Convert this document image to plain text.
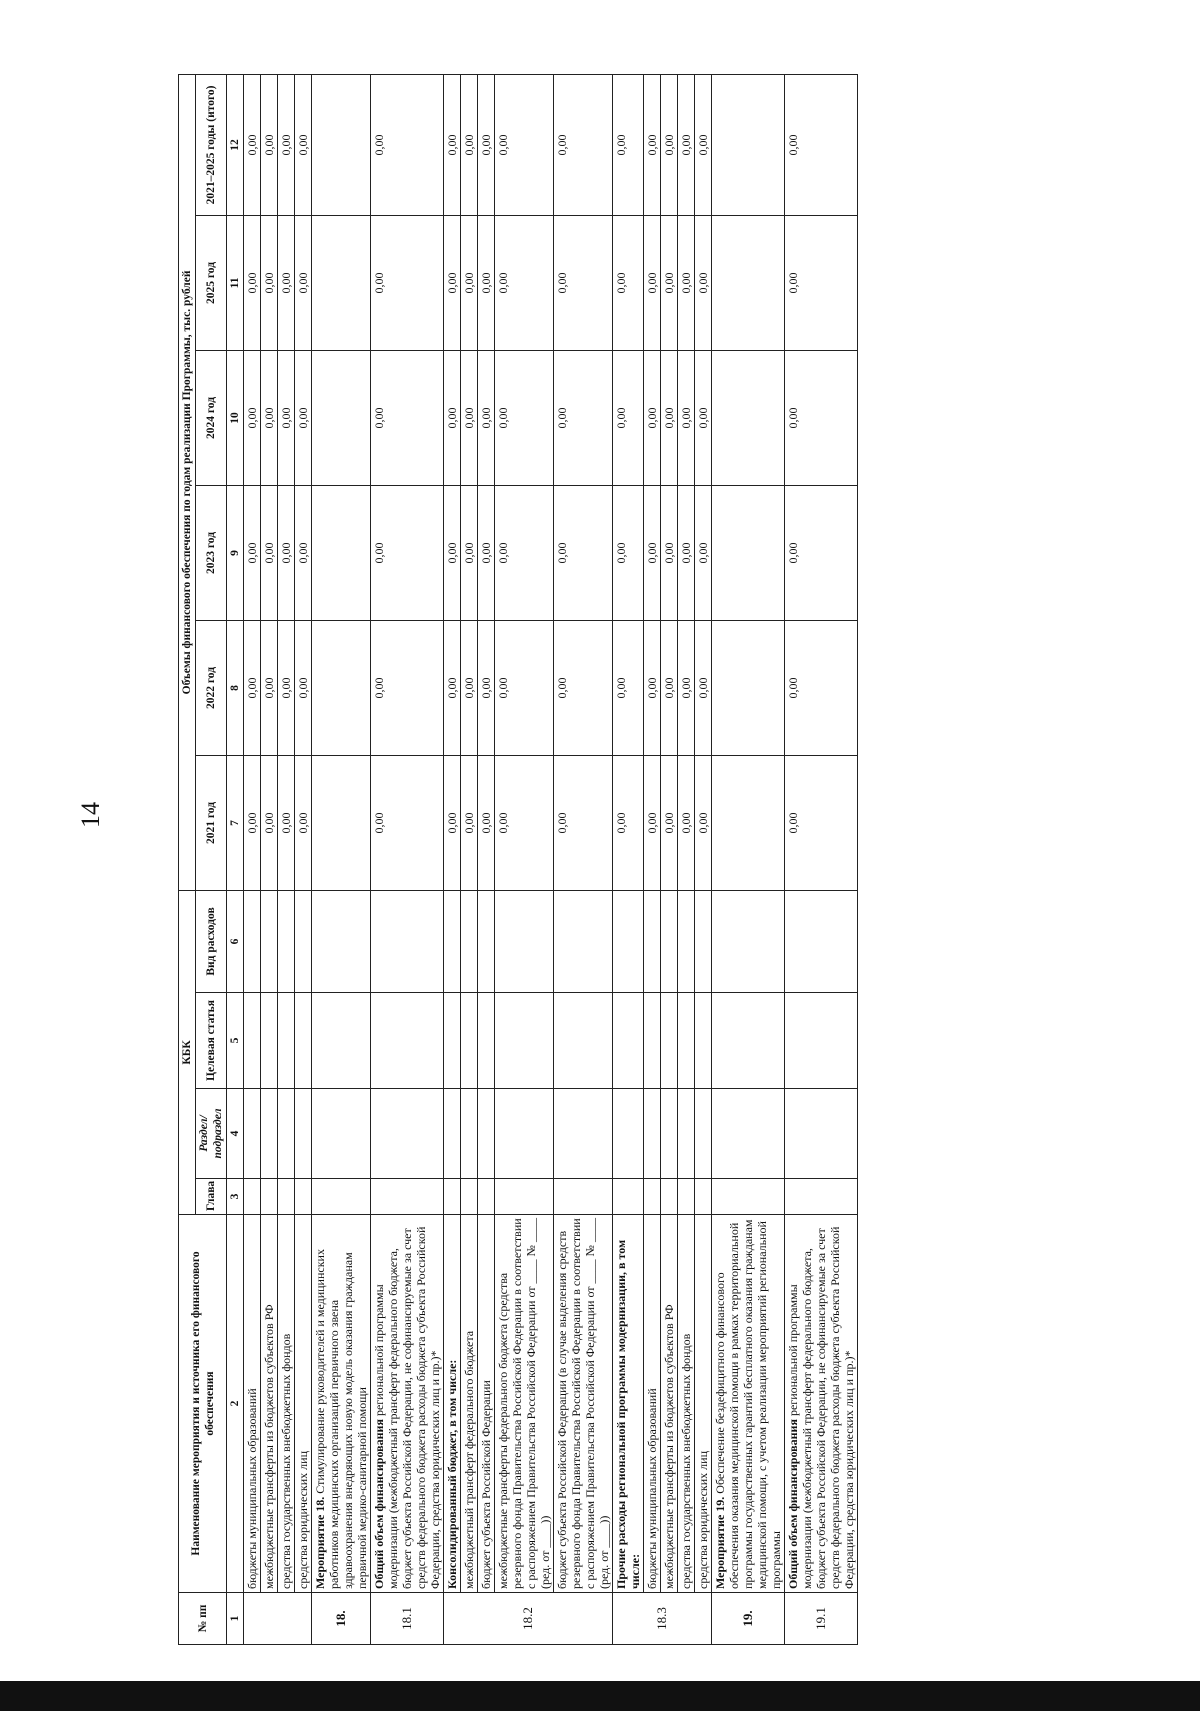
14
№ пп	Наименование мероприятия и источника его финансового обеспечения	КБК				Объемы финансового обеспечения по годам реализации Программы, тыс. рублей					
		Глава	Раздел/ подраздел	Целевая статья	Вид расходов	2021 год	2022 год	2023 год	2024 год	2025 год	2021–2025 годы (итого)

1	2	3	4	5	6	7	8	9	10	11	12
	бюджеты муниципальных образований					0,00	0,00	0,00	0,00	0,00	0,00
	межбюджетные трансферты из бюджетов субъектов РФ					0,00	0,00	0,00	0,00	0,00	0,00
	средства государственных внебюджетных фондов					0,00	0,00	0,00	0,00	0,00	0,00
	средства юридических лиц					0,00	0,00	0,00	0,00	0,00	0,00
18.	Мероприятие 18. Стимулирование руководителей и медицинских работников медицинских организаций первичного звена здравоохранения внедряющих новую модель оказания гражданам первичной медико-санитарной помощи										
18.1	Общий объем финансирования региональной программы модернизации (межбюджетный трансферт федерального бюджета, бюджет субъекта Российской Федерации, не софинансируемые за счет средств федерального бюджета расходы бюджета субъекта Российской Федерации, средства юридических лиц и пр.)*					0,00	0,00	0,00	0,00	0,00	0,00
18.2	Консолидированный бюджет, в том числе:					0,00	0,00	0,00	0,00	0,00	0,00
	межбюджетный трансферт федерального бюджета					0,00	0,00	0,00	0,00	0,00	0,00
	бюджет субъекта Российской Федерации					0,00	0,00	0,00	0,00	0,00	0,00
	межбюджетные трансферты федерального бюджета (средства резервного фонда Правительства Российской Федерации в соответствии с распоряжением Правительства Российской Федерации от ____ № ____ (ред. от ____))					0,00	0,00	0,00	0,00	0,00	0,00
	бюджет субъекта Российской Федерации (в случае выделения средств резервного фонда Правительства Российской Федерации в соответствии с распоряжением Правительства Российской Федерации от ____ № ____ (ред. от ____))					0,00	0,00	0,00	0,00	0,00	0,00
18.3	Прочие расходы региональной программы модернизации, в том числе:					0,00	0,00	0,00	0,00	0,00	0,00
	бюджеты муниципальных образований					0,00	0,00	0,00	0,00	0,00	0,00
	межбюджетные трансферты из бюджетов субъектов РФ					0,00	0,00	0,00	0,00	0,00	0,00
	средства государственных внебюджетных фондов					0,00	0,00	0,00	0,00	0,00	0,00
	средства юридических лиц					0,00	0,00	0,00	0,00	0,00	0,00
19.	Мероприятие 19. Обеспечение бездефицитного финансового обеспечения оказания медицинской помощи в рамках территориальной программы государственных гарантий бесплатного оказания гражданам медицинской помощи, с учетом реализации мероприятий региональной программы										
19.1	Общий объем финансирования региональной программы модернизации (межбюджетный трансферт федерального бюджета, бюджет субъекта Российской Федерации, не софинансируемые за счет средств федерального бюджета расходы бюджета субъекта Российской Федерации, средства юридических лиц и пр.)*					0,00	0,00	0,00	0,00	0,00	0,00
